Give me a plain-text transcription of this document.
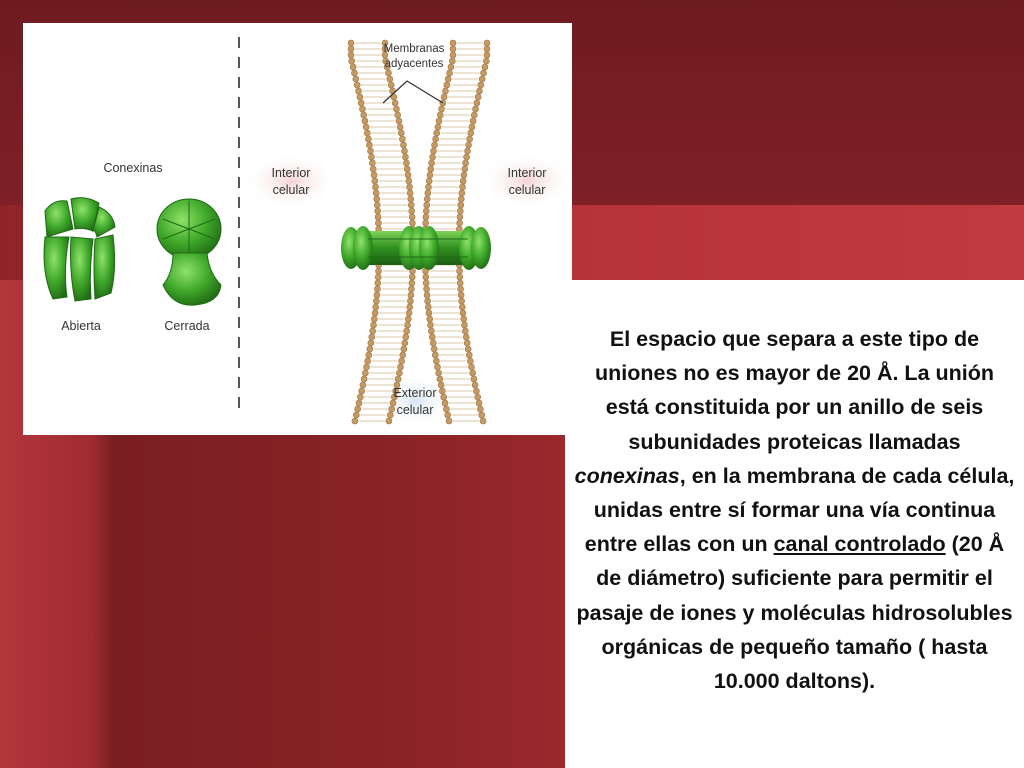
Conexinas
Abierta	Cerrada
Membranas
adyacentes
Interior
celular
Interior
celular
Exterior
celular

El espacio que separa a este tipo de uniones no es mayor de 20 Å. La unión está constituida por un anillo de seis subunidades proteicas llamadas conexinas, en la membrana de cada célula, unidas entre sí formar una vía continua entre ellas con un canal controlado (20 Å de diámetro) suficiente para permitir el pasaje de iones y moléculas hidrosolubles orgánicas de pequeño tamaño ( hasta 10.000 daltons).
